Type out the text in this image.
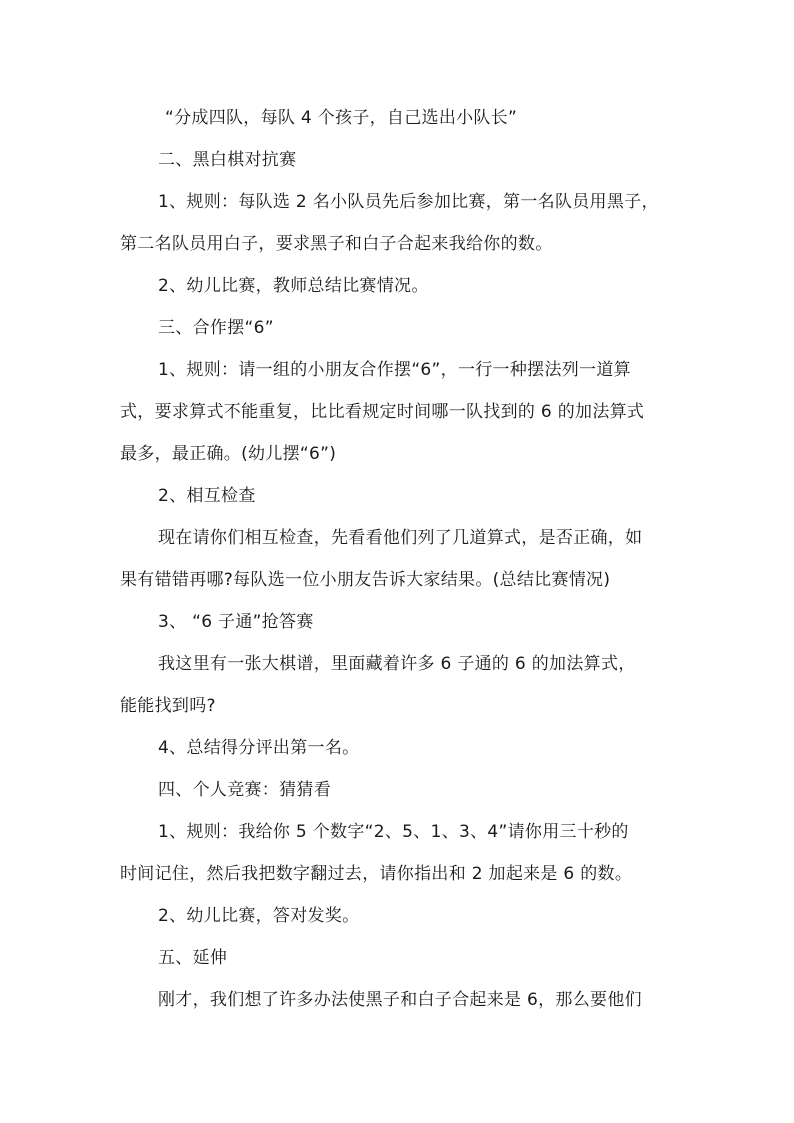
“分成四队，每队 4 个孩子，自己选出小队长”
二、黑白棋对抗赛
1、规则：每队选 2 名小队员先后参加比赛，第一名队员用黑子，
第二名队员用白子，要求黑子和白子合起来我给你的数。
2、幼儿比赛，教师总结比赛情况。
三、合作摆“6”
1、规则：请一组的小朋友合作摆“6”，一行一种摆法列一道算
式，要求算式不能重复，比比看规定时间哪一队找到的 6 的加法算式
最多，最正确。(幼儿摆“6”)
2、相互检查
现在请你们相互检查，先看看他们列了几道算式，是否正确，如
果有错错再哪?每队选一位小朋友告诉大家结果。(总结比赛情况)
3、 “6 子通”抢答赛
我这里有一张大棋谱，里面藏着许多 6 子通的 6 的加法算式，
能能找到吗?
4、总结得分评出第一名。
四、个人竞赛：猜猜看
1、规则：我给你 5 个数字“2、5、1、3、4”请你用三十秒的
时间记住，然后我把数字翻过去，请你指出和 2 加起来是 6 的数。
2、幼儿比赛，答对发奖。
五、延伸
刚才，我们想了许多办法使黑子和白子合起来是 6，那么要他们
